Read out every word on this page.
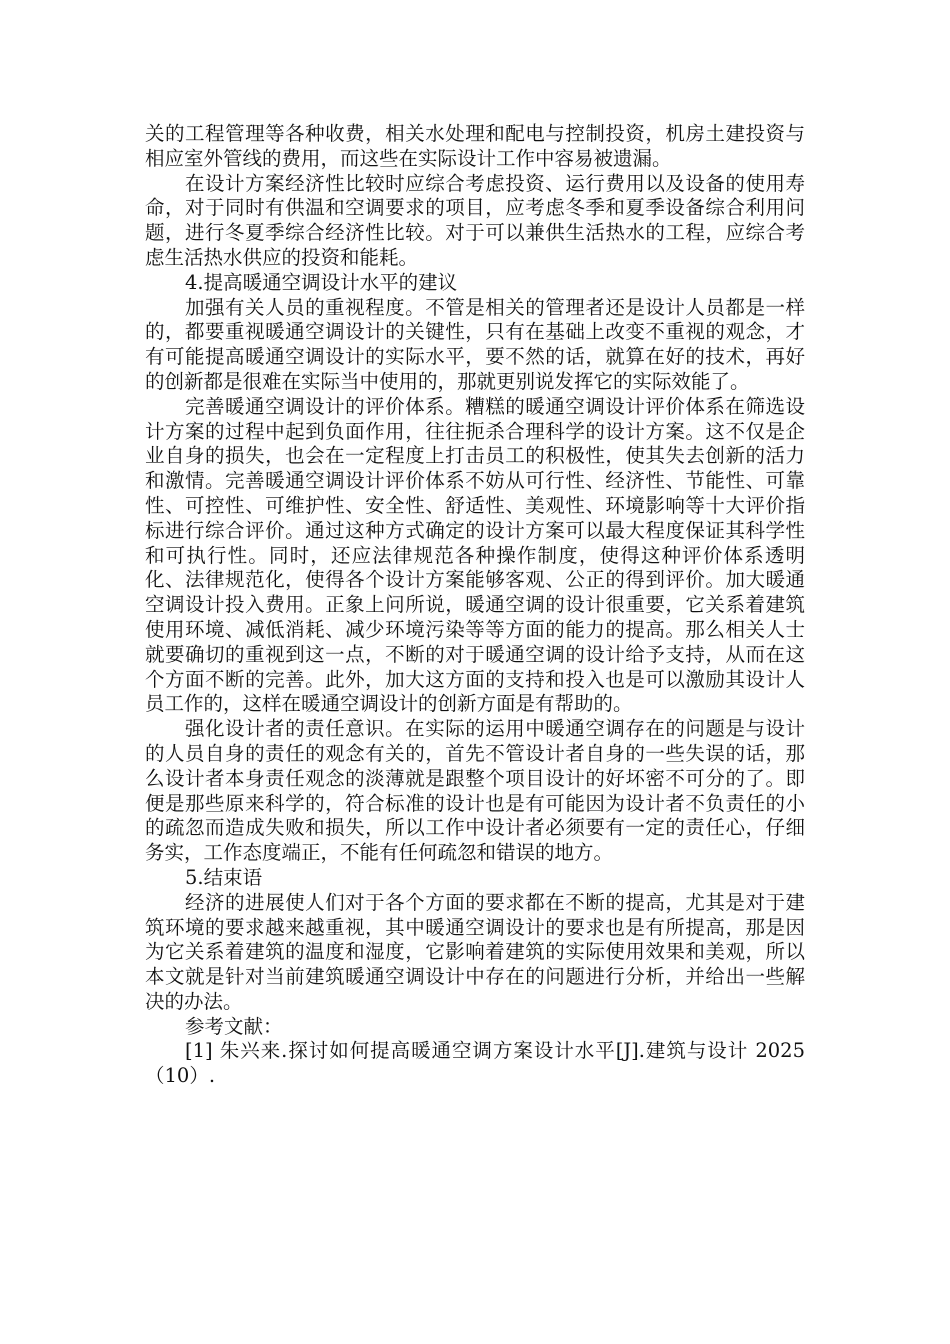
关的工程管理等各种收费，相关水处理和配电与控制投资，机房土建投资与相应室外管线的费用，而这些在实际设计工作中容易被遗漏。

在设计方案经济性比较时应综合考虑投资、运行费用以及设备的使用寿命，对于同时有供温和空调要求的项目，应考虑冬季和夏季设备综合利用问题，进行冬夏季综合经济性比较。对于可以兼供生活热水的工程，应综合考虑生活热水供应的投资和能耗。

4.提高暖通空调设计水平的建议

加强有关人员的重视程度。不管是相关的管理者还是设计人员都是一样的，都要重视暖通空调设计的关键性，只有在基础上改变不重视的观念，才有可能提高暖通空调设计的实际水平，要不然的话，就算在好的技术，再好的创新都是很难在实际当中使用的，那就更别说发挥它的实际效能了。

完善暖通空调设计的评价体系。糟糕的暖通空调设计评价体系在筛选设计方案的过程中起到负面作用，往往扼杀合理科学的设计方案。这不仅是企业自身的损失，也会在一定程度上打击员工的积极性，使其失去创新的活力和激情。完善暖通空调设计评价体系不妨从可行性、经济性、节能性、可靠性、可控性、可维护性、安全性、舒适性、美观性、环境影响等十大评价指标进行综合评价。通过这种方式确定的设计方案可以最大程度保证其科学性和可执行性。同时，还应法律规范各种操作制度，使得这种评价体系透明化、法律规范化，使得各个设计方案能够客观、公正的得到评价。加大暖通空调设计投入费用。正象上问所说，暖通空调的设计很重要，它关系着建筑使用环境、减低消耗、减少环境污染等等方面的能力的提高。那么相关人士就要确切的重视到这一点，不断的对于暖通空调的设计给予支持，从而在这个方面不断的完善。此外，加大这方面的支持和投入也是可以激励其设计人员工作的，这样在暖通空调设计的创新方面是有帮助的。

强化设计者的责任意识。在实际的运用中暖通空调存在的问题是与设计的人员自身的责任的观念有关的，首先不管设计者自身的一些失误的话，那么设计者本身责任观念的淡薄就是跟整个项目设计的好坏密不可分的了。即便是那些原来科学的，符合标准的设计也是有可能因为设计者不负责任的小的疏忽而造成失败和损失，所以工作中设计者必须要有一定的责任心，仔细务实，工作态度端正，不能有任何疏忽和错误的地方。

5.结束语

经济的进展使人们对于各个方面的要求都在不断的提高，尤其是对于建筑环境的要求越来越重视，其中暖通空调设计的要求也是有所提高，那是因为它关系着建筑的温度和湿度，它影响着建筑的实际使用效果和美观，所以本文就是针对当前建筑暖通空调设计中存在的问题进行分析，并给出一些解决的办法。

参考文献：

[1] 朱兴来.探讨如何提高暖通空调方案设计水平[J].建筑与设计 2025（10）.
